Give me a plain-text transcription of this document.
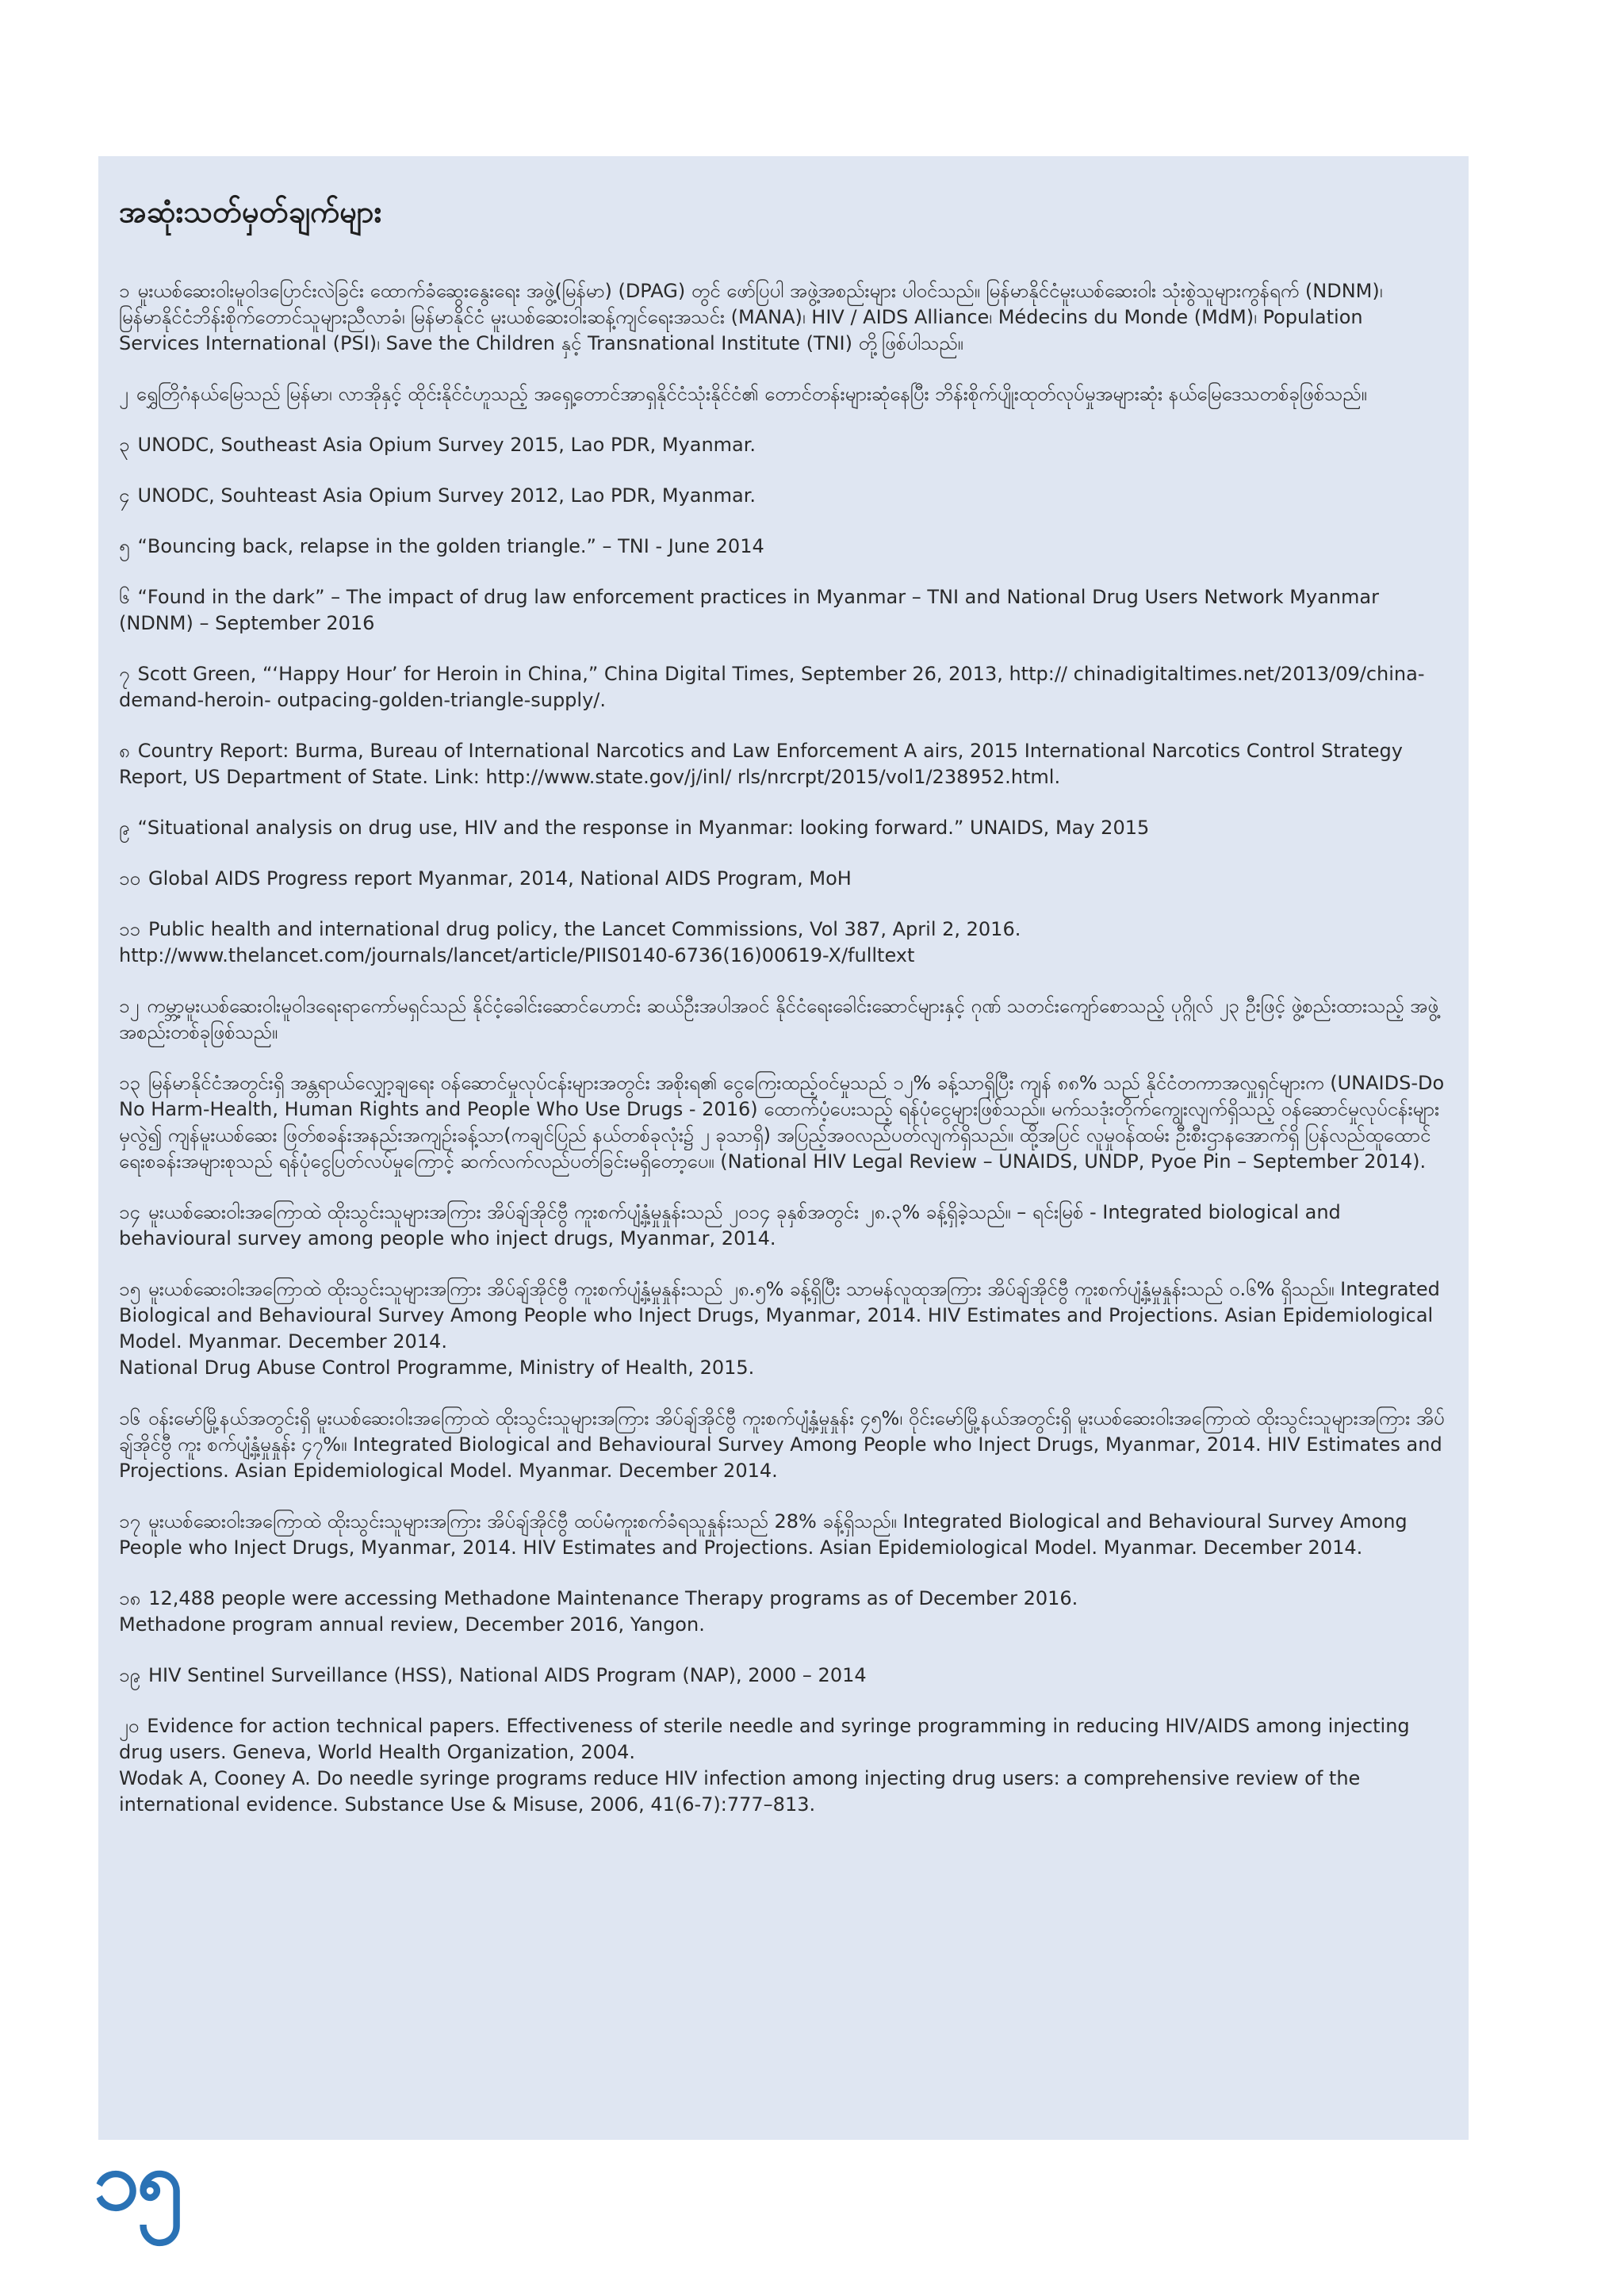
အဆုံးသတ်မှတ်ချက်များ
၁ မူးယစ်ဆေးဝါးမူဝါဒပြောင်းလဲခြင်း ထောက်ခံဆွေးနွေးရေး အဖွဲ့(မြန်မာ) (DPAG) တွင် ဖော်ပြပါ အဖွဲ့အစည်းများ ပါဝင်သည်။ မြန်မာနိုင်ငံမူးယစ်ဆေးဝါး သုံးစွဲသူများကွန်ရက် (NDNM)၊ မြန်မာနိုင်ငံဘိန်းစိုက်တောင်သူများညီလာခံ၊ မြန်မာနိုင်ငံ မူးယစ်ဆေးဝါးဆန့်ကျင်ရေးအသင်း (MANA)၊ HIV / AIDS Alliance၊ Médecins du Monde (MdM)၊ Population Services International (PSI)၊ Save the Children နှင့် Transnational Institute (TNI) တို့ဖြစ်ပါသည်။
၂ ရွှေတြိဂံနယ်မြေသည် မြန်မာ၊ လာအိုနှင့် ထိုင်းနိုင်ငံဟူသည့် အရှေ့တောင်အာရှနိုင်ငံသုံးနိုင်ငံ၏ တောင်တန်းများဆုံနေပြီး ဘိန်းစိုက်ပျိုးထုတ်လုပ်မှုအများဆုံး နယ်မြေဒေသတစ်ခုဖြစ်သည်။
၃ UNODC, Southeast Asia Opium Survey 2015, Lao PDR, Myanmar.
၄ UNODC, Souhteast Asia Opium Survey 2012, Lao PDR, Myanmar.
၅ “Bouncing back, relapse in the golden triangle.” – TNI - June 2014
၆ “Found in the dark” – The impact of drug law enforcement practices in Myanmar – TNI and National Drug Users Network Myanmar (NDNM) – September 2016
၇ Scott Green, “‘Happy Hour’ for Heroin in China,” China Digital Times, September 26, 2013, http:// chinadigitaltimes.net/2013/09/china-demand-heroin- outpacing-golden-triangle-supply/.
၈ Country Report: Burma, Bureau of International Narcotics and Law Enforcement A airs, 2015 International Narcotics Control Strategy Report, US Department of State. Link: http://www.state.gov/j/inl/ rls/nrcrpt/2015/vol1/238952.html.
၉ “Situational analysis on drug use, HIV and the response in Myanmar: looking forward.” UNAIDS, May 2015
၁၀ Global AIDS Progress report Myanmar, 2014, National AIDS Program, MoH
၁၁ Public health and international drug policy, the Lancet Commissions, Vol 387, April 2, 2016. http://www.thelancet.com/journals/lancet/article/PIIS0140-6736(16)00619-X/fulltext
၁၂ ကမ္ဘာ့မူးယစ်ဆေးဝါးမူဝါဒရေးရာကော်မရှင်သည် နိုင်ငံ့ခေါင်းဆောင်ဟောင်း ဆယ်ဦးအပါအဝင် နိုင်ငံရေးခေါင်းဆောင်များနှင့် ဂုဏ် သတင်းကျော်စောသည့် ပုဂ္ဂိုလ် ၂၃ ဦးဖြင့် ဖွဲ့စည်းထားသည့် အဖွဲ့အစည်းတစ်ခုဖြစ်သည်။
၁၃ မြန်မာနိုင်ငံအတွင်းရှိ အန္တရာယ်လျှော့ချရေး ဝန်ဆောင်မှုလုပ်ငန်းများအတွင်း အစိုးရ၏ ငွေကြေးထည့်ဝင်မှုသည် ၁၂% ခန့်သာရှိပြီး ကျန် ၈၈% သည် နိုင်ငံတကာအလှူရှင်များက (UNAIDS-Do No Harm-Health, Human Rights and People Who Use Drugs - 2016) ထောက်ပံ့ပေးသည့် ရန်ပုံငွေများဖြစ်သည်။ မက်သဒုံးတိုက်ကျွေးလျက်ရှိသည့် ဝန်ဆောင်မှုလုပ်ငန်းများမှလွဲ၍ ကျန်မူးယစ်ဆေး ဖြတ်စခန်းအနည်းအကျဉ်းခန့်သာ(ကချင်ပြည် နယ်တစ်ခုလုံး၌ ၂ ခုသာရှိ) အပြည့်အဝလည်ပတ်လျက်ရှိသည်။ ထို့အပြင် လူမှုဝန်ထမ်း ဦးစီးဌာနအောက်ရှိ ပြန်လည်ထူထောင်ရေးစခန်းအများစုသည် ရန်ပုံငွေပြတ်လပ်မှုကြောင့် ဆက်လက်လည်ပတ်ခြင်းမရှိတော့ပေ။ (National HIV Legal Review – UNAIDS, UNDP, Pyoe Pin – September 2014).
၁၄ မူးယစ်ဆေးဝါးအကြောထဲ ထိုးသွင်းသူများအကြား အိပ်ချ်အိုင်ဗွီ ကူးစက်ပျံ့နှံ့မှုနှုန်းသည် ၂၀၁၄ ခုနှစ်အတွင်း ၂၈.၃% ခန့်ရှိခဲ့သည်။ – ရင်းမြစ် - Integrated biological and behavioural survey among people who inject drugs, Myanmar, 2014.
၁၅ မူးယစ်ဆေးဝါးအကြောထဲ ထိုးသွင်းသူများအကြား အိပ်ချ်အိုင်ဗွီ ကူးစက်ပျံ့နှံ့မှုနှုန်းသည် ၂၈.၅% ခန့်ရှိပြီး သာမန်လူထုအကြား အိပ်ချ်အိုင်ဗွီ ကူးစက်ပျံ့နှံ့မှုနှုန်းသည် ဝ.၆% ရှိသည်။ Integrated Biological and Behavioural Survey Among People who Inject Drugs, Myanmar, 2014. HIV Estimates and Projections. Asian Epidemiological Model. Myanmar. December 2014.
National Drug Abuse Control Programme, Ministry of Health, 2015.
၁၆ ဝန်းမော်မြို့နယ်အတွင်းရှိ မူးယစ်ဆေးဝါးအကြောထဲ ထိုးသွင်းသူများအကြား အိပ်ချ်အိုင်ဗွီ ကူးစက်ပျံ့နှံ့မှုနှုန်း ၄၅%၊ ဝိုင်းမော်မြို့နယ်အတွင်းရှိ မူးယစ်ဆေးဝါးအကြောထဲ ထိုးသွင်းသူများအကြား အိပ်ချ်အိုင်ဗွီ ကူး စက်ပျံ့နှံ့မှုနှုန်း ၄၇%။ Integrated Biological and Behavioural Survey Among People who Inject Drugs, Myanmar, 2014. HIV Estimates and Projections. Asian Epidemiological Model. Myanmar. December 2014.
၁၇ မူးယစ်ဆေးဝါးအကြောထဲ ထိုးသွင်းသူများအကြား အိပ်ချ်အိုင်ဗွီ ထပ်မံကူးစက်ခံရသူနှုန်းသည် 28% ခန့်ရှိသည်။ Integrated Biological and Behavioural Survey Among People who Inject Drugs, Myanmar, 2014. HIV Estimates and Projections. Asian Epidemiological Model. Myanmar. December 2014.
၁၈ 12,488 people were accessing Methadone Maintenance Therapy programs as of December 2016.
Methadone program annual review, December 2016, Yangon.
၁၉ HIV Sentinel Surveillance (HSS), National AIDS Program (NAP), 2000 – 2014
၂၀ Evidence for action technical papers. Effectiveness of sterile needle and syringe programming in reducing HIV/AIDS among injecting drug users. Geneva, World Health Organization, 2004.
Wodak A, Cooney A. Do needle syringe programs reduce HIV infection among injecting drug users: a comprehensive review of the international evidence. Substance Use & Misuse, 2006, 41(6-7):777–813.
၁၅
